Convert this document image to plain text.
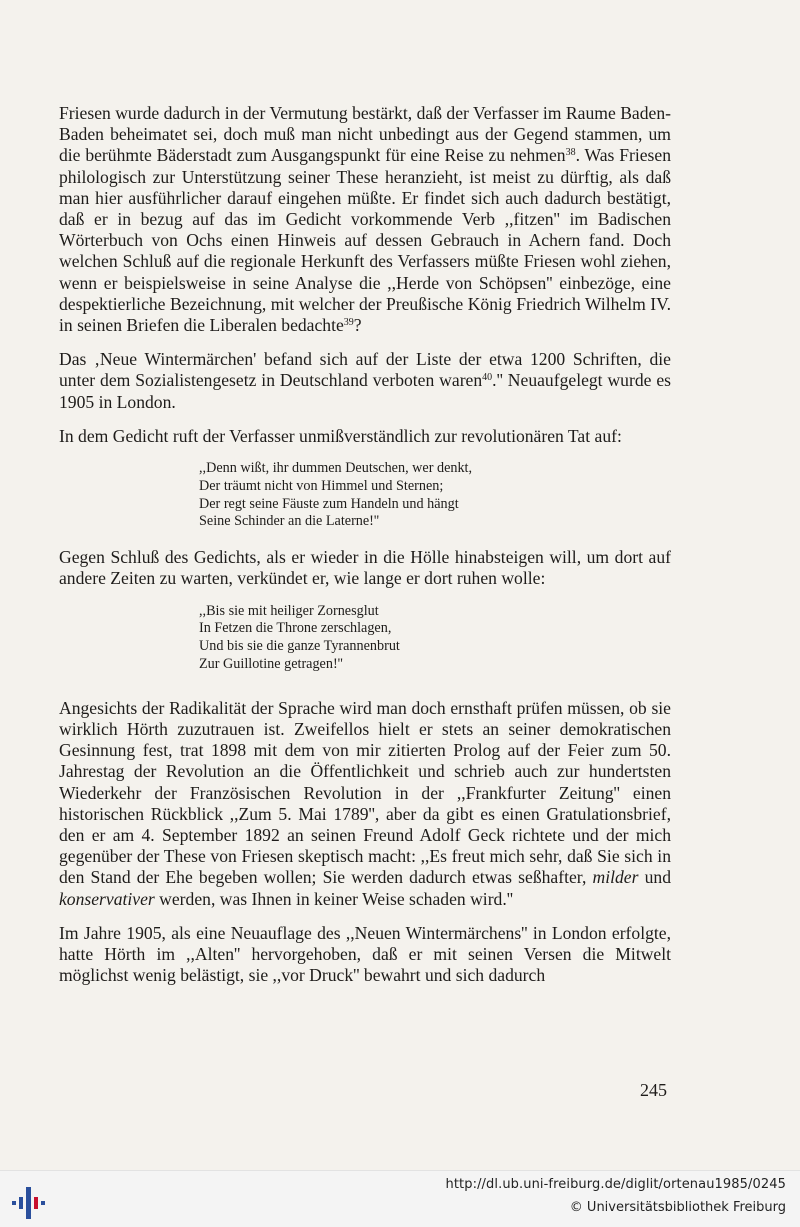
Friesen wurde dadurch in der Vermutung bestärkt, daß der Verfasser im Raume Baden-Baden beheimatet sei, doch muß man nicht unbedingt aus der Gegend stammen, um die berühmte Bäderstadt zum Ausgangspunkt für eine Reise zu nehmen$^{38}$. Was Friesen philologisch zur Unterstützung seiner These heranzieht, ist meist zu dürftig, als daß man hier ausführlicher darauf eingehen müßte. Er findet sich auch dadurch bestätigt, daß er in bezug auf das im Gedicht vorkommende Verb ,,fitzen'' im Badischen Wörterbuch von Ochs einen Hinweis auf dessen Gebrauch in Achern fand. Doch welchen Schluß auf die regionale Herkunft des Verfassers müßte Friesen wohl ziehen, wenn er beispielsweise in seine Analyse die ,,Herde von Schöpsen'' einbezöge, eine despektierliche Bezeichnung, mit welcher der Preußische König Friedrich Wilhelm IV. in seinen Briefen die Liberalen bedachte$^{39}$?

Das ‚Neue Wintermärchen' befand sich auf der Liste der etwa 1200 Schriften, die unter dem Sozialistengesetz in Deutschland verboten waren$^{40}$.'' Neuaufgelegt wurde es 1905 in London.

In dem Gedicht ruft der Verfasser unmißverständlich zur revolutionären Tat auf:

,,Denn wißt, ihr dummen Deutschen, wer denkt,
Der träumt nicht von Himmel und Sternen;
Der regt seine Fäuste zum Handeln und hängt
Seine Schinder an die Laterne!''

Gegen Schluß des Gedichts, als er wieder in die Hölle hinabsteigen will, um dort auf andere Zeiten zu warten, verkündet er, wie lange er dort ruhen wolle:

,,Bis sie mit heiliger Zornesglut
In Fetzen die Throne zerschlagen,
Und bis sie die ganze Tyrannenbrut
Zur Guillotine getragen!''

Angesichts der Radikalität der Sprache wird man doch ernsthaft prüfen müssen, ob sie wirklich Hörth zuzutrauen ist. Zweifellos hielt er stets an seiner demokratischen Gesinnung fest, trat 1898 mit dem von mir zitierten Prolog auf der Feier zum 50. Jahrestag der Revolution an die Öffentlichkeit und schrieb auch zur hundertsten Wiederkehr der Französischen Revolution in der ,,Frankfurter Zeitung'' einen historischen Rückblick ,,Zum 5. Mai 1789'', aber da gibt es einen Gratulationsbrief, den er am 4. September 1892 an seinen Freund Adolf Geck richtete und der mich gegenüber der These von Friesen skeptisch macht: ,,Es freut mich sehr, daß Sie sich in den Stand der Ehe begeben wollen; Sie werden dadurch etwas seßhafter, milder und konservativer werden, was Ihnen in keiner Weise schaden wird.''

Im Jahre 1905, als eine Neuauflage des ,,Neuen Wintermärchens'' in London erfolgte, hatte Hörth im ,,Alten'' hervorgehoben, daß er mit seinen Versen die Mitwelt möglichst wenig belästigt, sie ,,vor Druck'' bewahrt und sich dadurch

245
http://dl.ub.uni-freiburg.de/diglit/ortenau1985/0245
© Universitätsbibliothek Freiburg
